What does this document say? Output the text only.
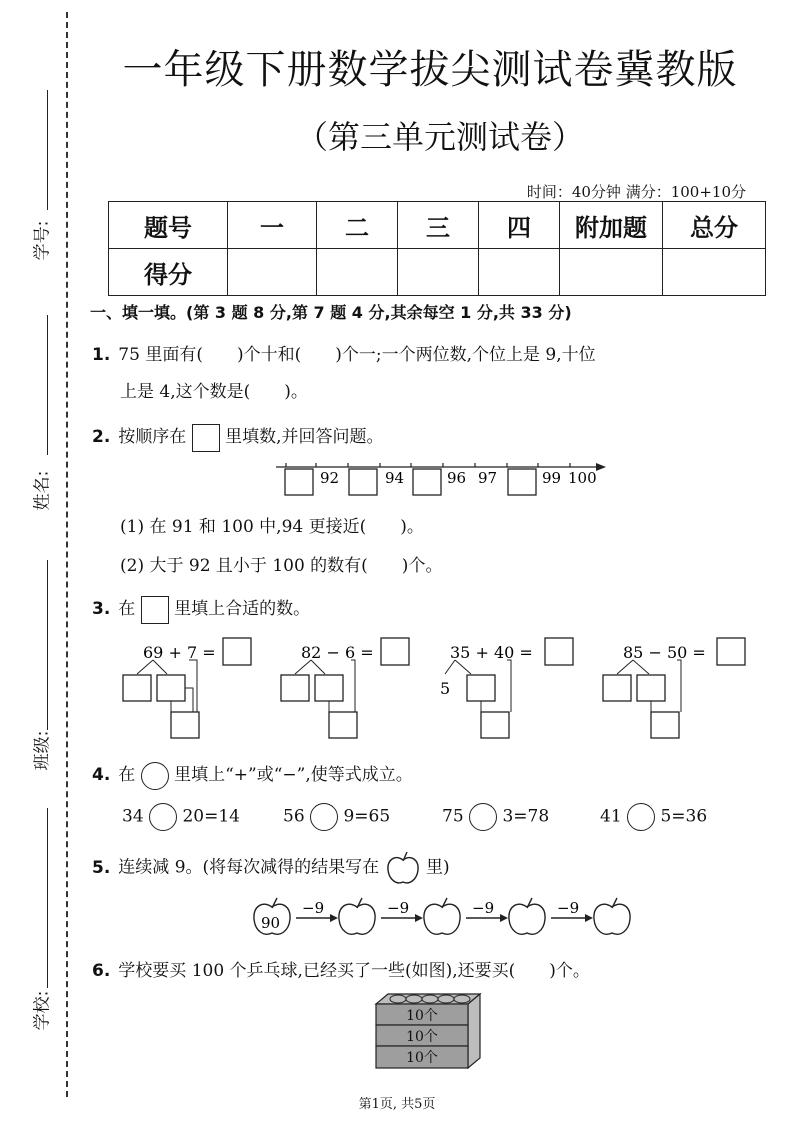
学号:
姓名:
班级:
学校:
一年级下册数学拔尖测试卷冀教版
（第三单元测试卷）
时间：40分钟 满分：100+10分
题号	一	二	三	四	附加题	总分
得分						
一、填一填。(第 3 题 8 分,第 7 题 4 分,其余每空 1 分,共 33 分)
1. 75 里面有(　　)个十和(　　)个一;一个两位数,个位上是 9,十位
上是 4,这个数是(　　)。
2. 按顺序在 里填数,并回答问题。
92	94	96 97	99 100
(1) 在 91 和 100 中,94 更接近(　　)。
(2) 大于 92 且小于 100 的数有(　　)个。
3. 在 里填上合适的数。
69 + 7 =	82 − 6 =	35 + 40 =
5
85 − 50 =
4. 在 里填上“+”或“−”,使等式成立。
34 20=14	56 9=65	75 3=78	41 5=36
5. 连续减 9。(将每次减得的结果写在	里)
90
−9	−9	−9	−9
6. 学校要买 100 个乒乓球,已经买了一些(如图),还要买(　　)个。
10个
10个
10个
第1页, 共5页
